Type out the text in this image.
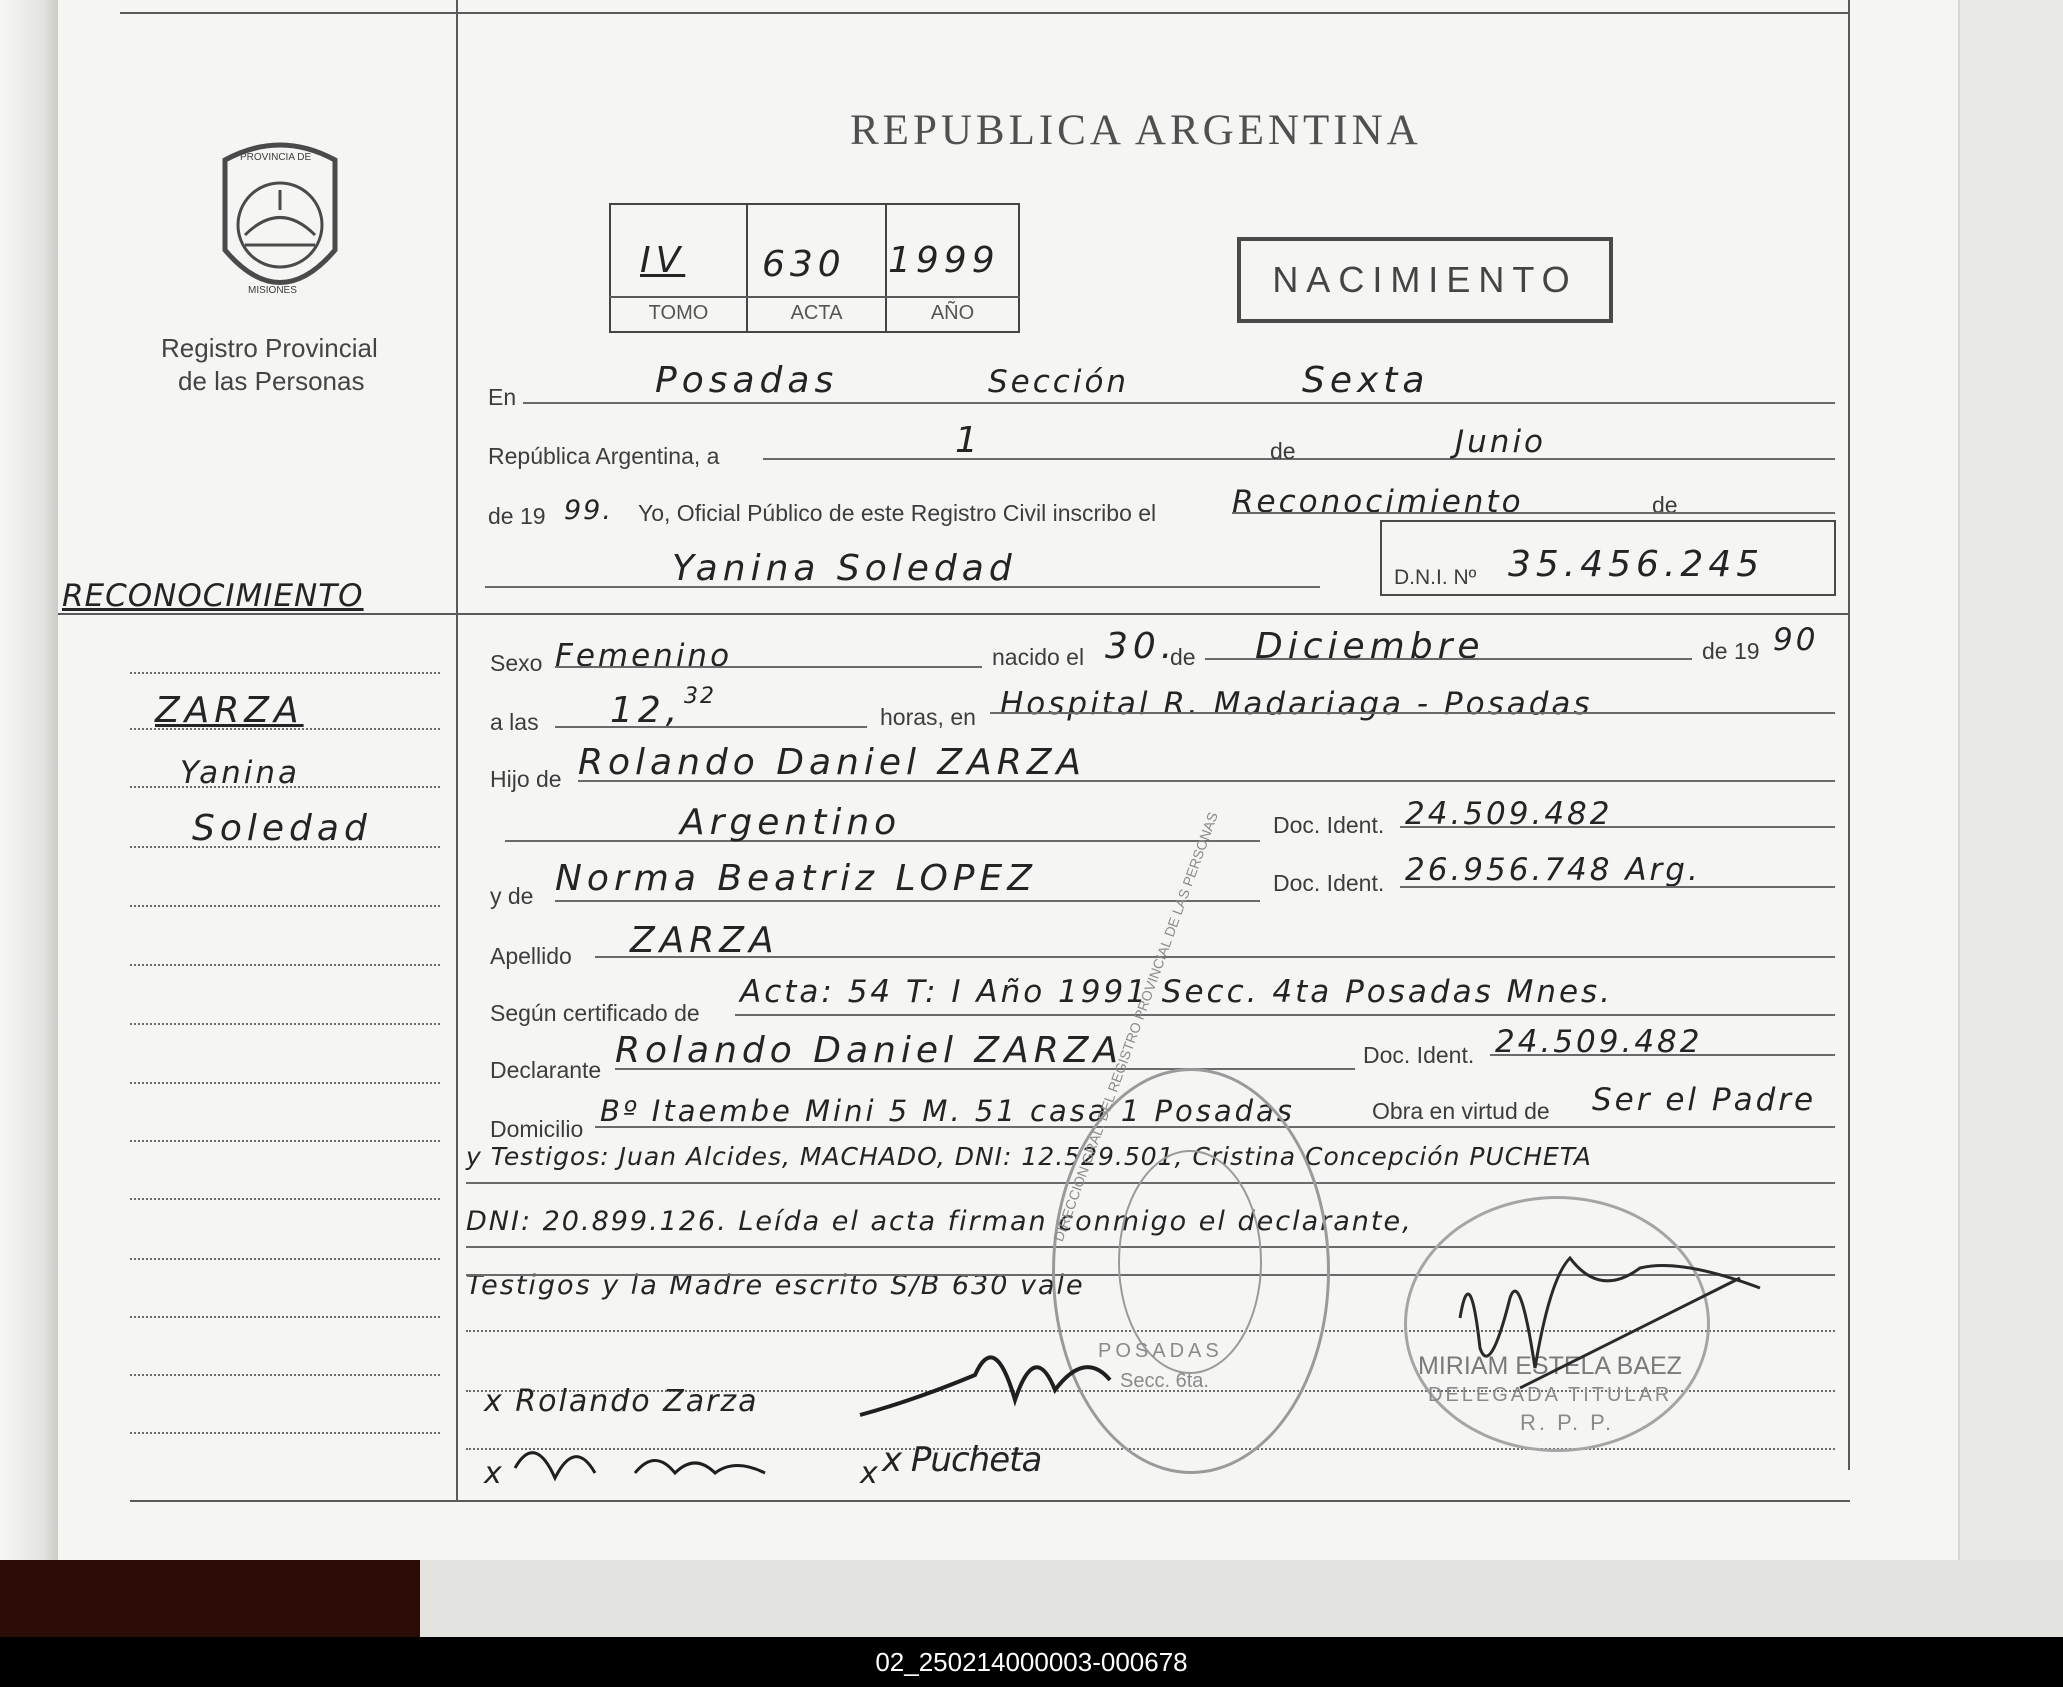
PROVINCIA DE
MISIONES
Registro Provincial
de las Personas
REPUBLICA ARGENTINA
IV 630 1999
TOMO	ACTA	AÑO
NACIMIENTO
En	Posadas	Sección	Sexta
República Argentina, a	1	de	Junio
de 19 99. Yo, Oficial Público de este Registro Civil inscribo el Reconocimiento	de
Yanina Soledad	D.N.I. Nº 35.456.245
RECONOCIMIENTO
ZARZA
Yanina
Soledad
Sexo Femenino	nacido el 30.
de Diciembre	de 19 90
a las 12, 32
horas, en Hospital R. Madariaga - Posadas
Hijo de Rolando Daniel ZARZA
Argentino	Doc. Ident. 24.509.482
y de Norma Beatriz LOPEZ	Doc. Ident. 26.956.748 Arg.
Apellido ZARZA
Según certificado de
Acta: 54 T: I Año 1991 Secc. 4ta Posadas Mnes.
Declarante Rolando Daniel ZARZA	Doc. Ident. 24.509.482
Domicilio
Bº Itaembe Mini 5 M. 51 casa 1 Posadas	Obra en virtud de Ser el Padre
y Testigos: Juan Alcides, MACHADO, DNI: 12.529.501, Cristina Concepción PUCHETA
DNI: 20.899.126. Leída el acta firman conmigo el declarante,
Testigos y la Madre escrito S/B 630 vale
DIRECCION GRAL. DEL REGISTRO PROVINCIAL DE LAS PERSONAS
POSADAS
Secc. 6ta.
MIRIAM ESTELA BAEZ
DELEGADA TITULAR
R. P. P.
x Rolando Zarza
x	x x Pucheta
02_250214000003-000678
